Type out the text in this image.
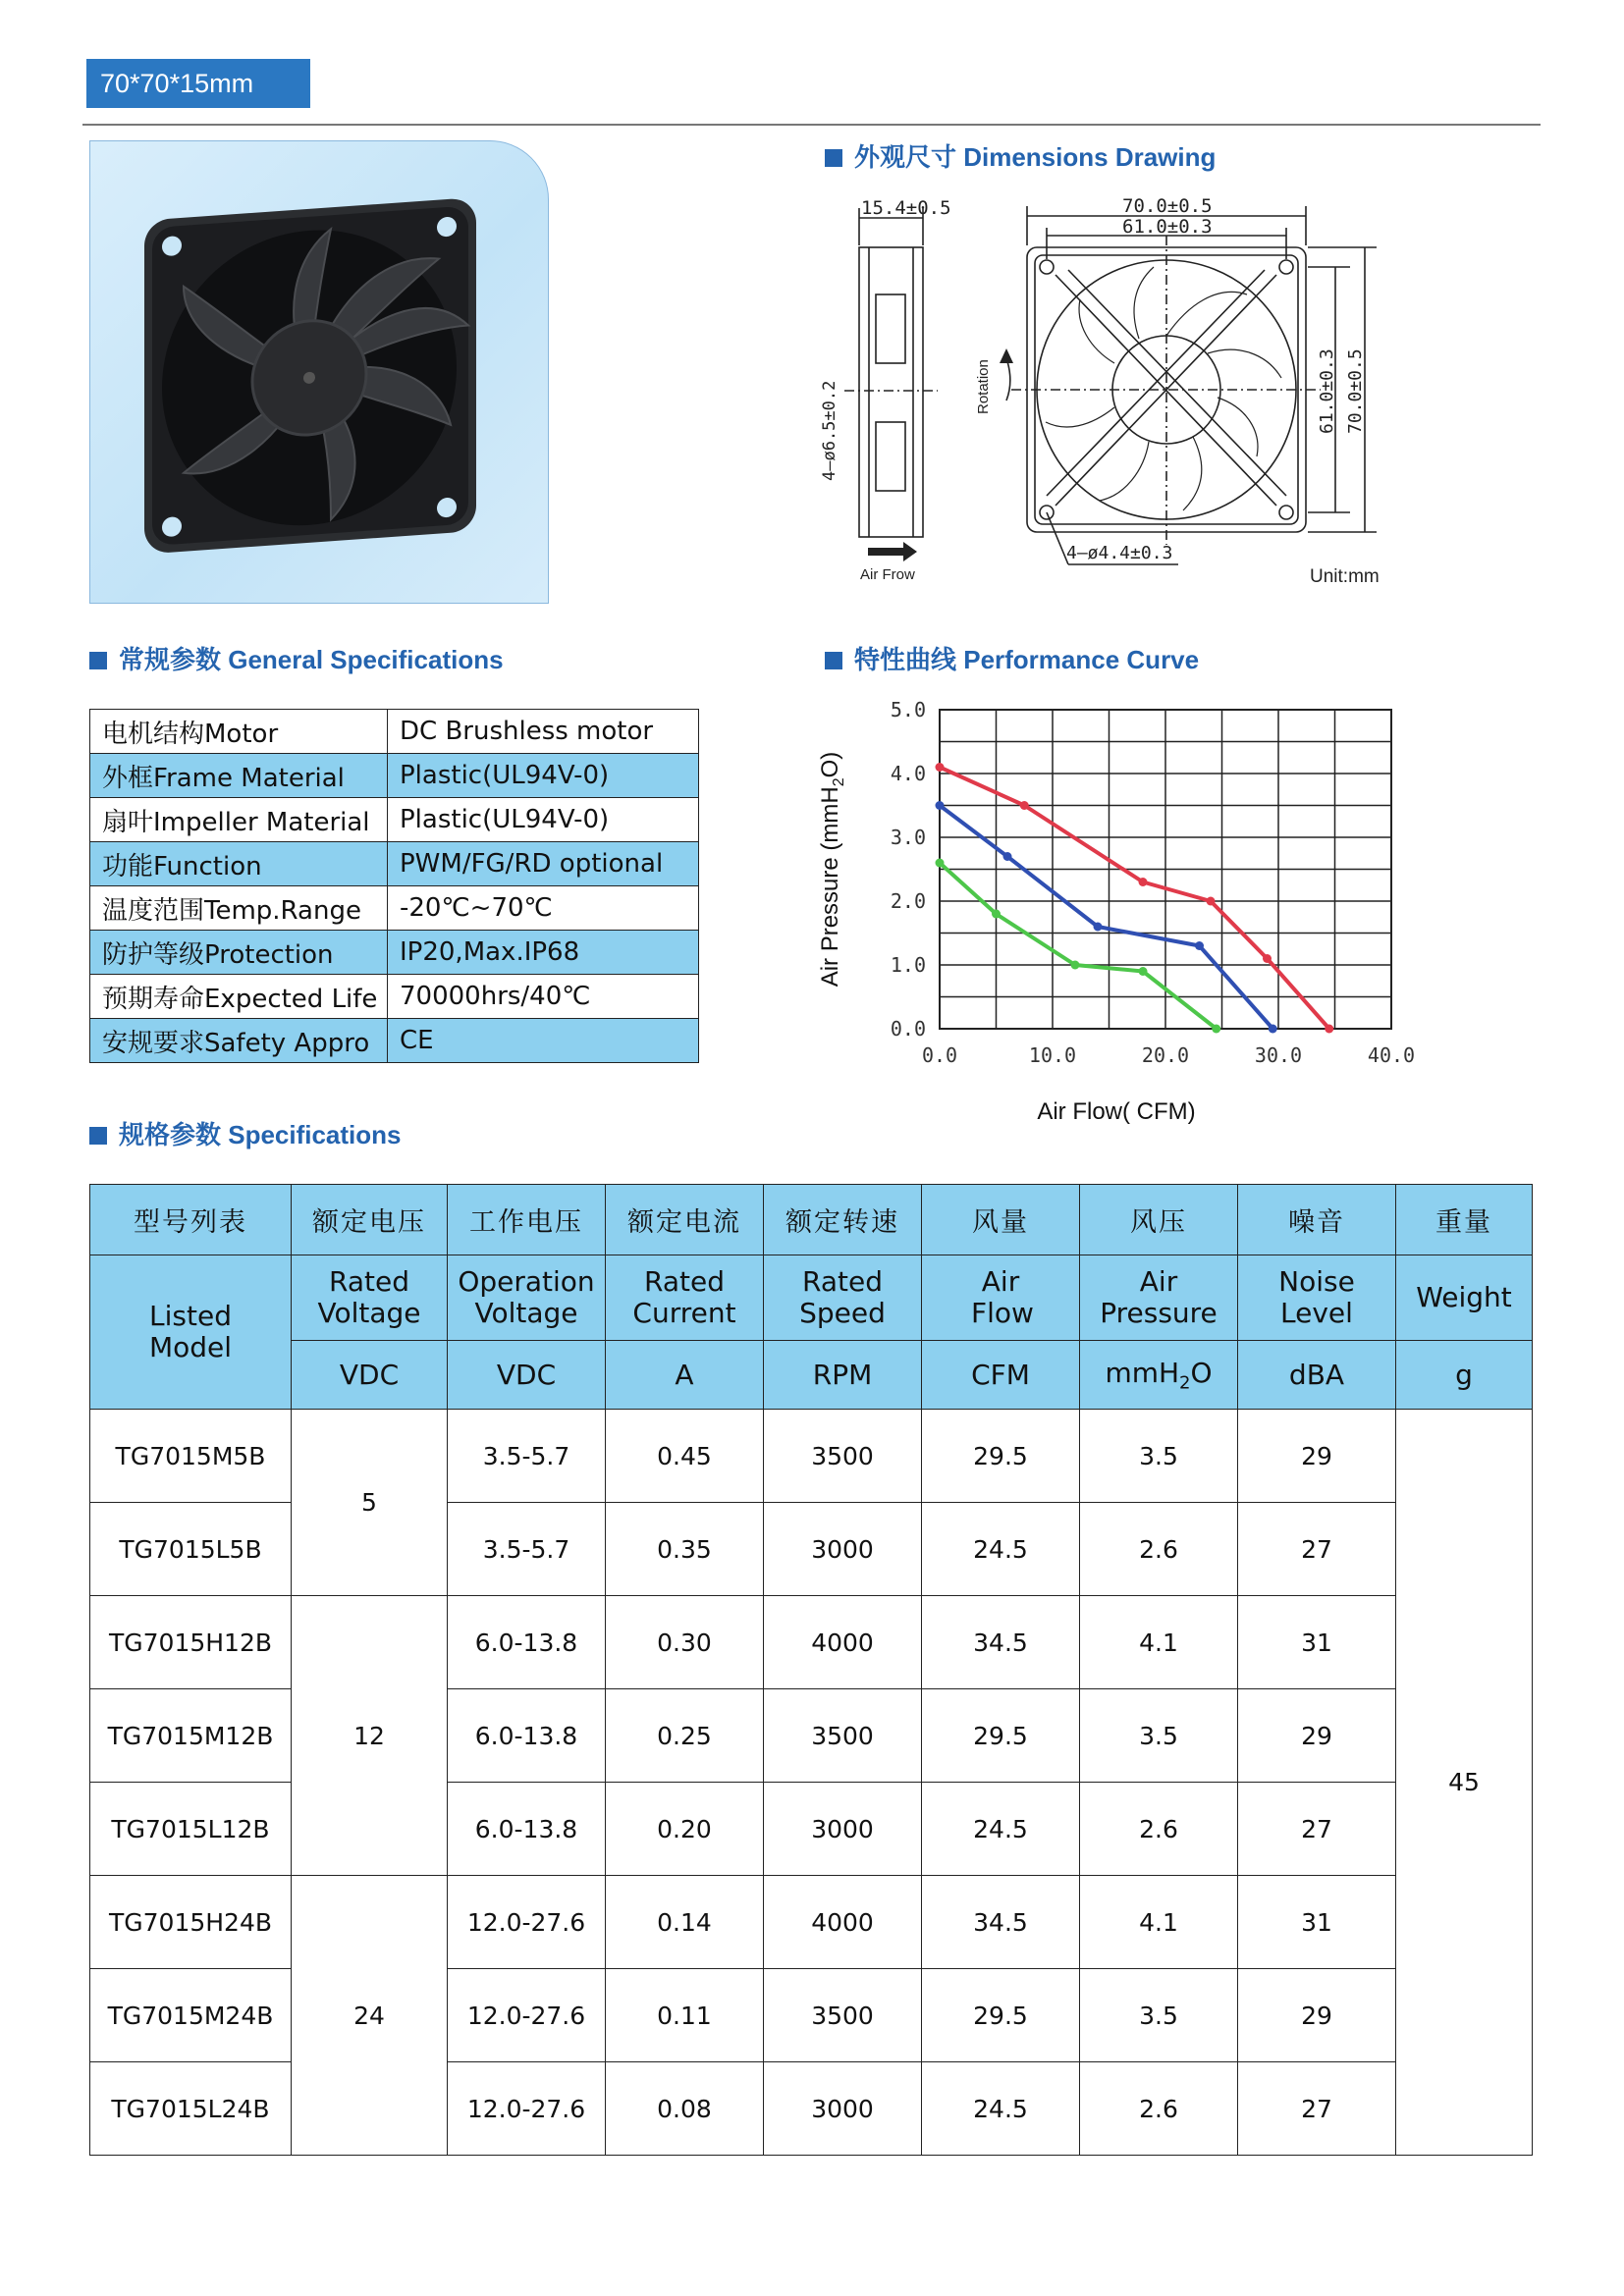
70*70*15mm
外观尺寸 Dimensions Drawing
15.4±0.5
4—ø6.5±0.2
70.0±0.5
61.0±0.3
61.0±0.3 70.0±0.5
Rotation
Air Frow
4—ø4.4±0.3
Unit:mm
常规参数 General Specifications
电机结构Motor	DC Brushless motor
外框Frame Material	Plastic(UL94V-0)
扇叶Impeller Material	Plastic(UL94V-0)
功能Function	PWM/FG/RD optional
温度范围Temp.Range	-20℃~70℃
防护等级Protection	IP20,Max.IP68
预期寿命Expected Life	70000hrs/40℃
安规要求Safety Appro	CE
特性曲线 Performance Curve
0.0	10.0	20.0	30.0	40.0
0.0
1.0
2.0
3.0
4.0
5.0
Air Flow( CFM)
Air Pressure (mmH$_2$O)
规格参数 Specifications
型号列表	额定电压	工作电压	额定电流	额定转速	风量	风压	噪音	重量
Listed Model	Rated Voltage	Operation Voltage	Rated Current	Rated Speed	Air Flow	Air Pressure	Noise Level	Weight
	VDC	VDC	A	RPM	CFM	mmH$_2$O	dBA	g
TG7015M5B	5	3.5-5.7	0.45	3500	29.5	3.5	29	45
TG7015L5B		3.5-5.7	0.35	3000	24.5	2.6	27	
TG7015H12B	12	6.0-13.8	0.30	4000	34.5	4.1	31	
TG7015M12B		6.0-13.8	0.25	3500	29.5	3.5	29	
TG7015L12B		6.0-13.8	0.20	3000	24.5	2.6	27	
TG7015H24B	24	12.0-27.6	0.14	4000	34.5	4.1	31	
TG7015M24B		12.0-27.6	0.11	3500	29.5	3.5	29	
TG7015L24B		12.0-27.6	0.08	3000	24.5	2.6	27	
